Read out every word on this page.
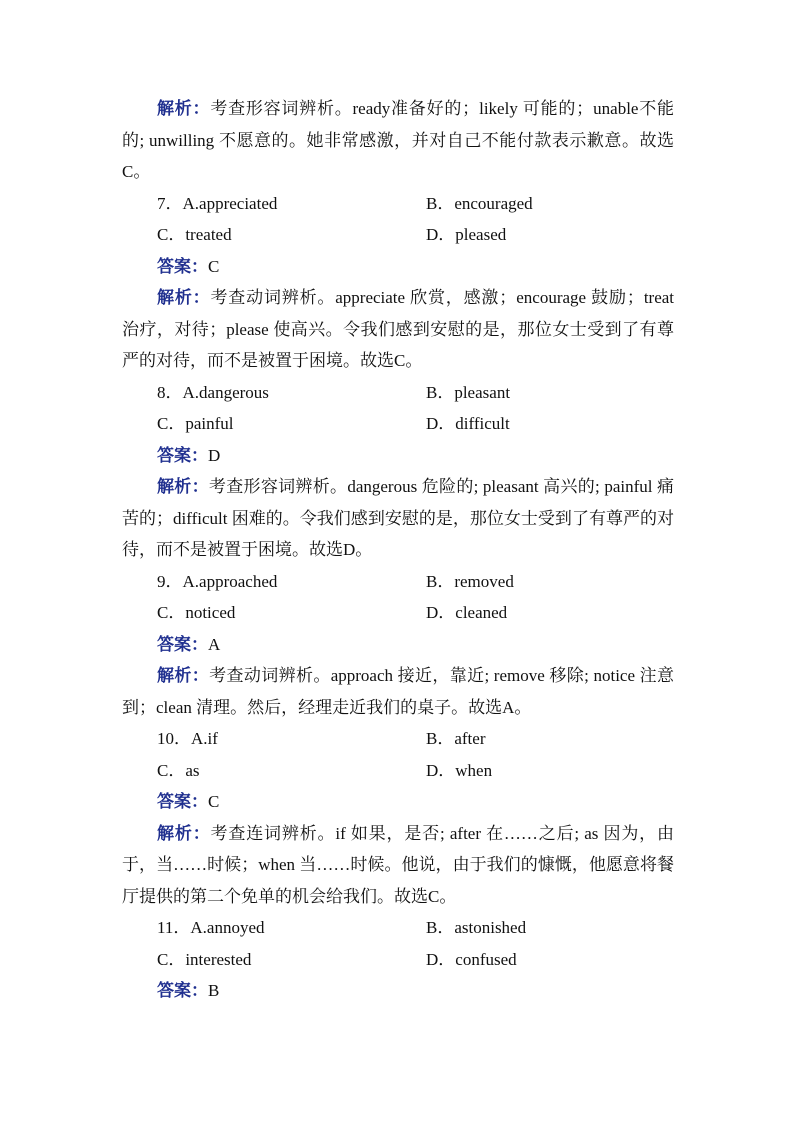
解析：考查形容词辨析。ready准备好的；likely 可能的；unable不能的; unwilling 不愿意的。她非常感激，并对自己不能付款表示歉意。故选C。

7．A.appreciated	B．encouraged
C．treated	D．pleased
答案：C

解析：考查动词辨析。appreciate 欣赏，感激；encourage 鼓励；treat 治疗，对待；please 使高兴。令我们感到安慰的是，那位女士受到了有尊严的对待，而不是被置于困境。故选C。

8．A.dangerous	B．pleasant
C．painful	D．difficult
答案：D

解析：考查形容词辨析。dangerous 危险的; pleasant 高兴的; painful 痛苦的；difficult 困难的。令我们感到安慰的是，那位女士受到了有尊严的对待，而不是被置于困境。故选D。

9．A.approached	B．removed
C．noticed	D．cleaned
答案：A

解析：考查动词辨析。approach 接近，靠近; remove 移除; notice 注意到；clean 清理。然后，经理走近我们的桌子。故选A。

10．A.if	B．after
C．as	D．when
答案：C

解析：考查连词辨析。if 如果，是否; after 在……之后; as 因为，由于，当……时候；when 当……时候。他说，由于我们的慷慨，他愿意将餐厅提供的第二个免单的机会给我们。故选C。

11．A.annoyed	B．astonished
C．interested	D．confused
答案：B
